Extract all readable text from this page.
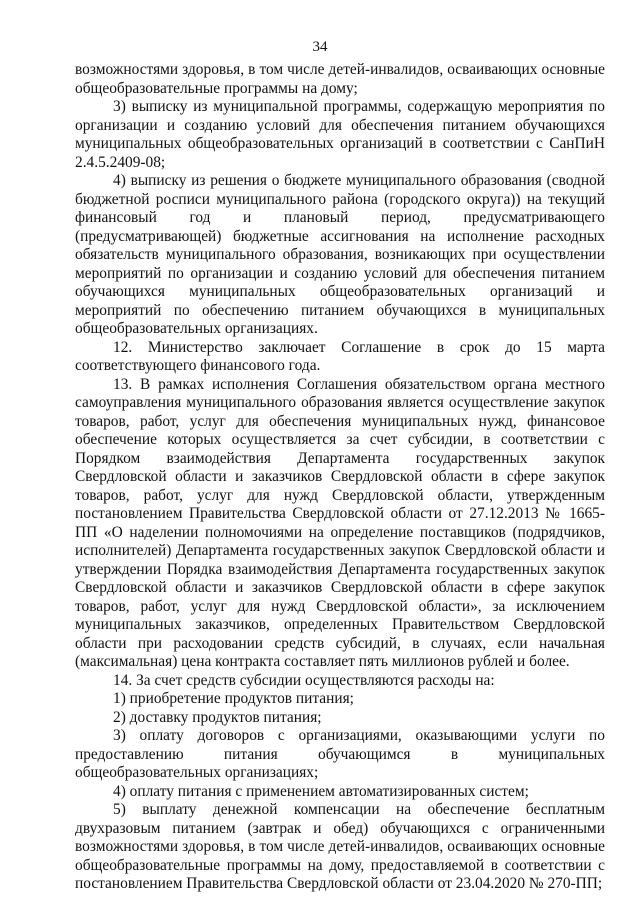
34

возможностями здоровья, в том числе детей-инвалидов, осваивающих основные общеобразовательные программы на дому;

3) выписку из муниципальной программы, содержащую мероприятия по организации и созданию условий для обеспечения питанием обучающихся муниципальных общеобразовательных организаций в соответствии с СанПиН 2.4.5.2409-08;

4) выписку из решения о бюджете муниципального образования (сводной бюджетной росписи муниципального района (городского округа)) на текущий финансовый год и плановый период, предусматривающего (предусматривающей) бюджетные ассигнования на исполнение расходных обязательств муниципального образования, возникающих при осуществлении мероприятий по организации и созданию условий для обеспечения питанием обучающихся муниципальных общеобразовательных организаций и мероприятий по обеспечению питанием обучающихся в муниципальных общеобразовательных организациях.

12. Министерство заключает Соглашение в срок до 15 марта соответствующего финансового года.

13. В рамках исполнения Соглашения обязательством органа местного самоуправления муниципального образования является осуществление закупок товаров, работ, услуг для обеспечения муниципальных нужд, финансовое обеспечение которых осуществляется за счет субсидии, в соответствии с Порядком взаимодействия Департамента государственных закупок Свердловской области и заказчиков Свердловской области в сфере закупок товаров, работ, услуг для нужд Свердловской области, утвержденным постановлением Правительства Свердловской области от 27.12.2013 № 1665-ПП «О наделении полномочиями на определение поставщиков (подрядчиков, исполнителей) Департамента государственных закупок Свердловской области и утверждении Порядка взаимодействия Департамента государственных закупок Свердловской области и заказчиков Свердловской области в сфере закупок товаров, работ, услуг для нужд Свердловской области», за исключением муниципальных заказчиков, определенных Правительством Свердловской области при расходовании средств субсидий, в случаях, если начальная (максимальная) цена контракта составляет пять миллионов рублей и более.

14. За счет средств субсидии осуществляются расходы на:

1) приобретение продуктов питания;

2) доставку продуктов питания;

3) оплату договоров с организациями, оказывающими услуги по предоставлению питания обучающимся в муниципальных общеобразовательных организациях;

4) оплату питания с применением автоматизированных систем;

5) выплату денежной компенсации на обеспечение бесплатным двухразовым питанием (завтрак и обед) обучающихся с ограниченными возможностями здоровья, в том числе детей-инвалидов, осваивающих основные общеобразовательные программы на дому, предоставляемой в соответствии с постановлением Правительства Свердловской области от 23.04.2020 № 270-ПП;
